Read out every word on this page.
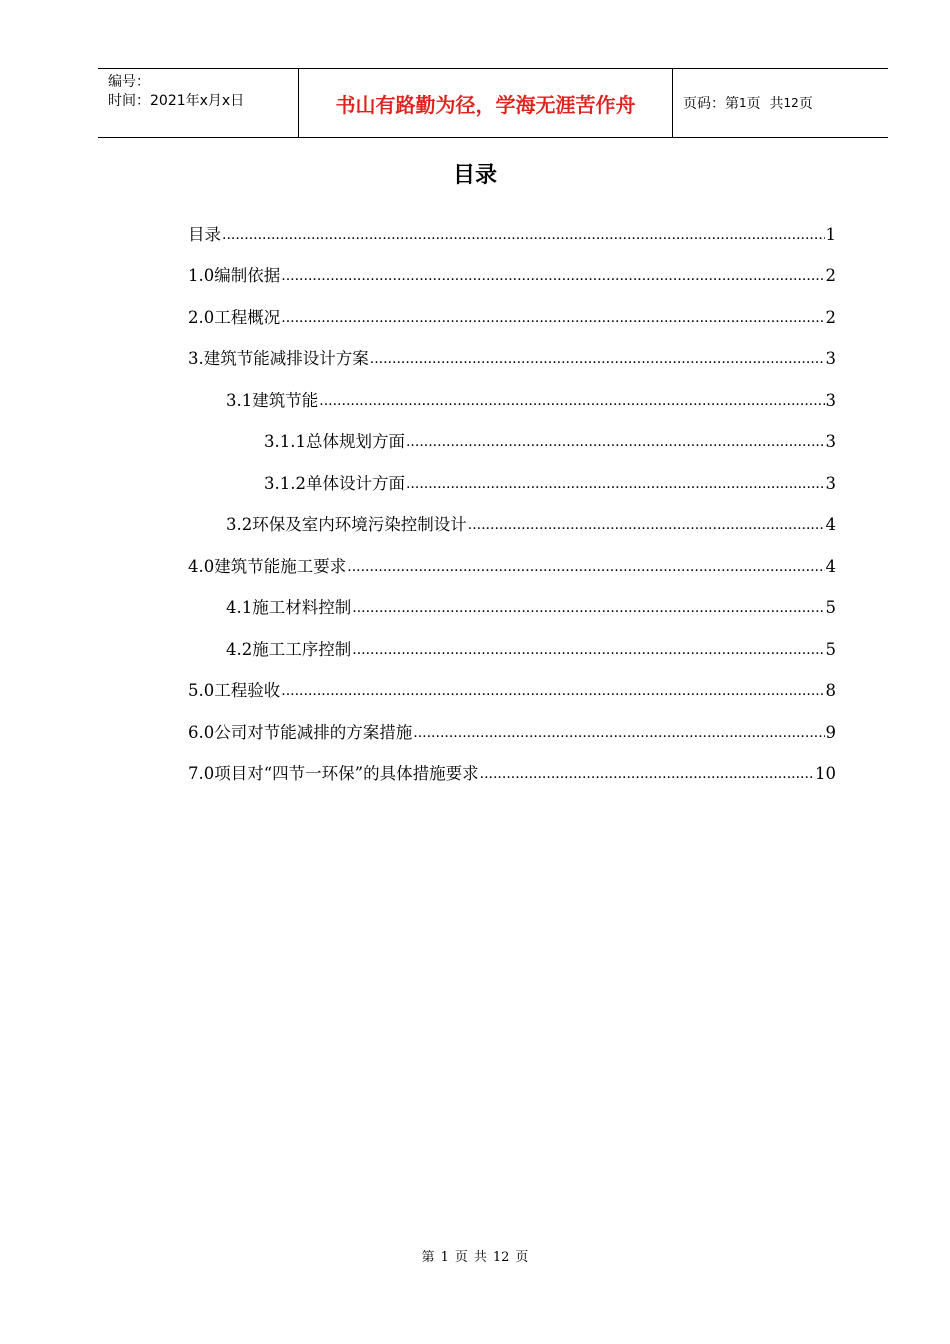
编号：
时间：2021年x月x日	书山有路勤为径，学海无涯苦作舟	页码：第 1 页  共 12 页
目录
目录 .....	1
1.0编制依据 .....	2
2.0工程概况 .....	2
3.建筑节能减排设计方案 .....	3
3.1建筑节能 .....	3
3.1.1总体规划方面 .....	3
3.1.2单体设计方面 .....	3
3.2环保及室内环境污染控制设计 .....	4
4.0建筑节能施工要求 .....	4
4.1施工材料控制 .....	5
4.2施工工序控制 .....	5
5.0工程验收 .....	8
6.0公司对节能减排的方案措施 .....	9
7.0项目对“四节一环保”的具体措施要求 .....	10
第 1 页 共 12 页
